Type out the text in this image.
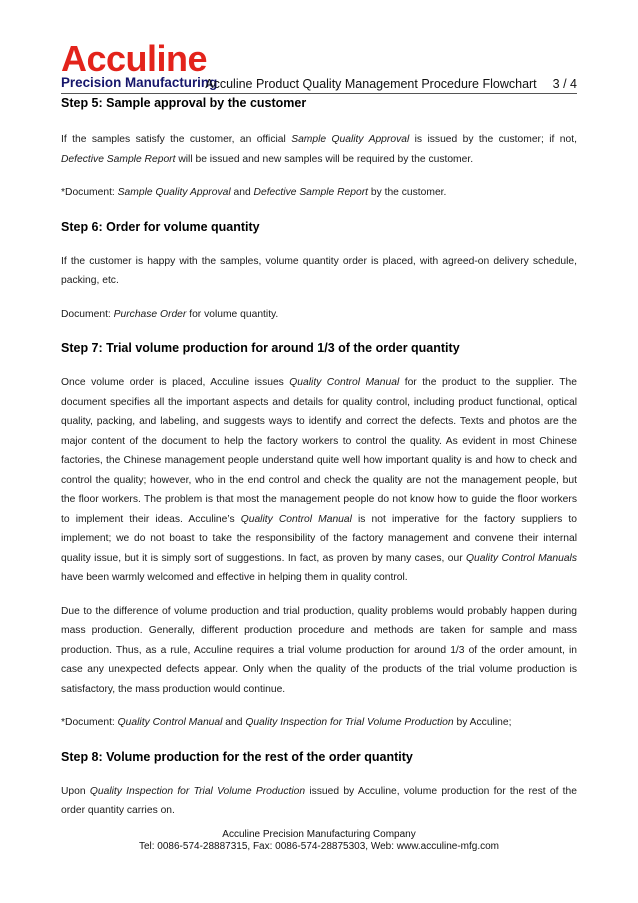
Acculine
Precision Manufacturing
Acculine Product Quality Management Procedure Flowchart 3 / 4
Step 5: Sample approval by the customer

If the samples satisfy the customer, an official Sample Quality Approval is issued by the customer; if not, Defective Sample Report will be issued and new samples will be required by the customer.

*Document: Sample Quality Approval and Defective Sample Report by the customer.

Step 6: Order for volume quantity

If the customer is happy with the samples, volume quantity order is placed, with agreed-on delivery schedule, packing, etc.

Document: Purchase Order for volume quantity.

Step 7: Trial volume production for around 1/3 of the order quantity

Once volume order is placed, Acculine issues Quality Control Manual for the product to the supplier. The document specifies all the important aspects and details for quality control, including product functional, optical quality, packing, and labeling, and suggests ways to identify and correct the defects. Texts and photos are the major content of the document to help the factory workers to control the quality. As evident in most Chinese factories, the Chinese management people understand quite well how important quality is and how to check and control the quality; however, who in the end control and check the quality are not the management people, but the floor workers. The problem is that most the management people do not know how to guide the floor workers to implement their ideas. Acculine’s Quality Control Manual is not imperative for the factory suppliers to implement; we do not boast to take the responsibility of the factory management and convene their internal quality issue, but it is simply sort of suggestions. In fact, as proven by many cases, our Quality Control Manuals have been warmly welcomed and effective in helping them in quality control.

Due to the difference of volume production and trial production, quality problems would probably happen during mass production. Generally, different production procedure and methods are taken for sample and mass production. Thus, as a rule, Acculine requires a trial volume production for around 1/3 of the order amount, in case any unexpected defects appear. Only when the quality of the products of the trial volume production is satisfactory, the mass production would continue.

*Document: Quality Control Manual and Quality Inspection for Trial Volume Production by Acculine;

Step 8: Volume production for the rest of the order quantity

Upon Quality Inspection for Trial Volume Production issued by Acculine, volume production for the rest of the order quantity carries on.

Acculine Precision Manufacturing Company
Tel: 0086-574-28887315, Fax: 0086-574-28875303, Web: www.acculine-mfg.com
